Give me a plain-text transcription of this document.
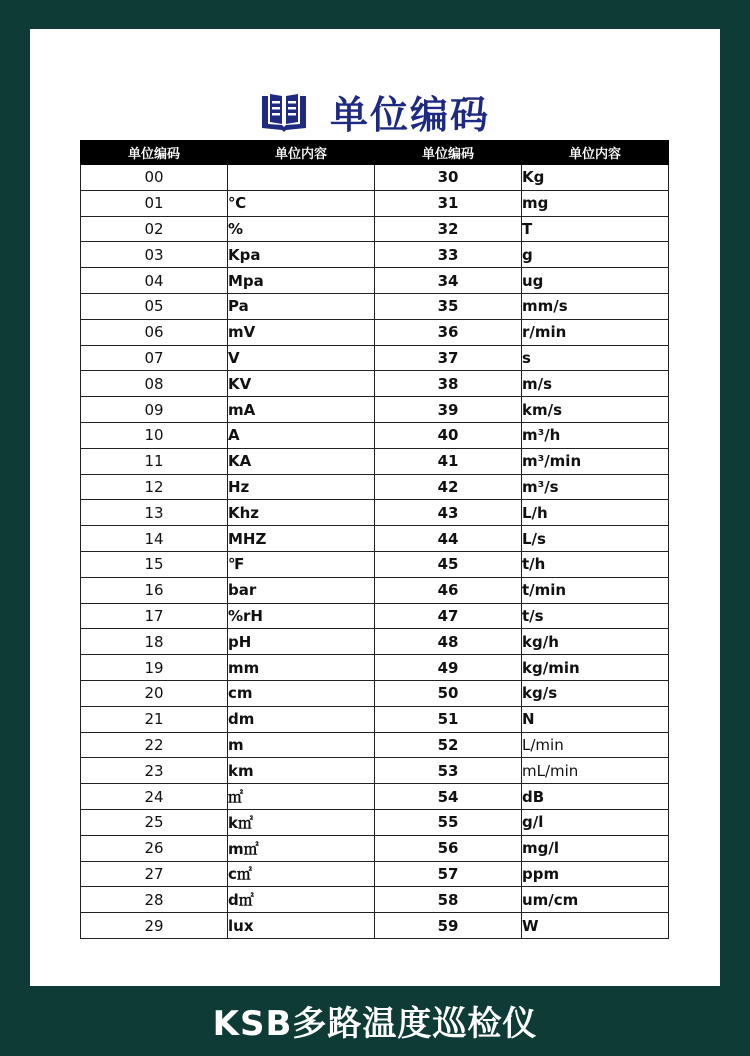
单位编码
单位编码	单位内容	单位编码	单位内容
00		30	Kg
01	℃	31	mg
02	%	32	T
03	Kpa	33	g
04	Mpa	34	ug
05	Pa	35	mm/s
06	mV	36	r/min
07	V	37	s
08	KV	38	m/s
09	mA	39	km/s
10	A	40	m³/h
11	KA	41	m³/min
12	Hz	42	m³/s
13	Khz	43	L/h
14	MHZ	44	L/s
15	℉	45	t/h
16	bar	46	t/min
17	%rH	47	t/s
18	pH	48	kg/h
19	mm	49	kg/min
20	cm	50	kg/s
21	dm	51	N
22	m	52	L/min
23	km	53	mL/min
24	㎡	54	dB
25	k㎡	55	g/l
26	m㎡	56	mg/l
27	c㎡	57	ppm
28	d㎡	58	um/cm
29	lux	59	W
KSB多路温度巡检仪
